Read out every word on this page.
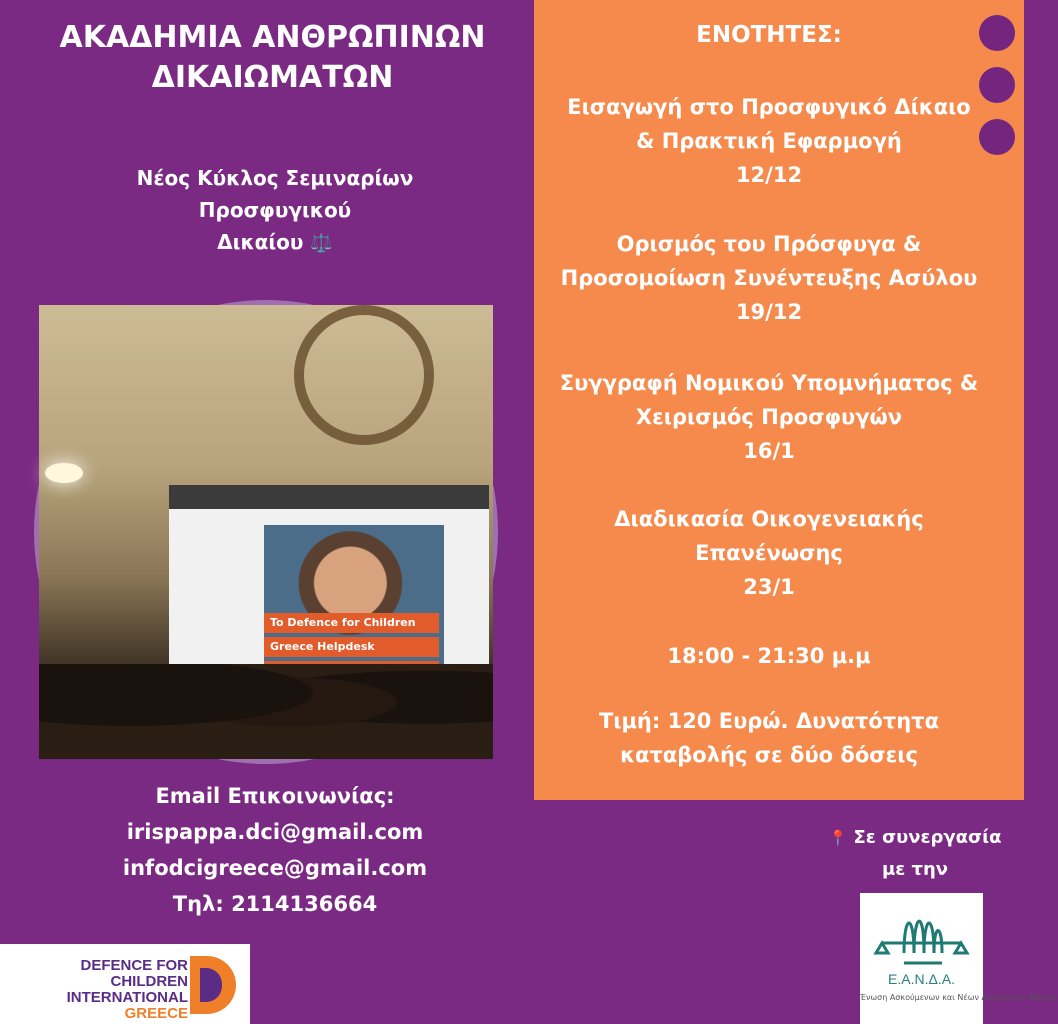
ΑΚΑΔΗΜΙΑ ΑΝΘΡΩΠΙΝΩΝ ΔΙΚΑΙΩΜΑΤΩΝ
Νέος Κύκλος Σεμιναρίων
Προσφυγικού
Δικαίου ⚖️
To Defence for Children
Greece Helpdesk
Email Επικοινωνίας:
irispappa.dci@gmail.com
infodcigreece@gmail.com
Τηλ: 2114136664
DEFENCE FOR CHILDREN
INTERNATIONAL
GREECE
ΕΝΟΤΗΤΕΣ:
Εισαγωγή στο Προσφυγικό Δίκαιο
& Πρακτική Εφαρμογή
12/12
Ορισμός του Πρόσφυγα &
Προσομοίωση Συνέντευξης Ασύλου
19/12
Συγγραφή Νομικού Υπομνήματος &
Χειρισμός Προσφυγών
16/1
Διαδικασία Οικογενειακής
Επανένωσης
23/1
18:00 - 21:30 μ.μ
Τιμή: 120 Ευρώ. Δυνατότητα
καταβολής σε δύο δόσεις
📍 Σε συνεργασία
με την
Ε.Α.Ν.Δ.Α.
Ένωση Ασκούμενων και Νέων Δικηγόρων Αθήνας
